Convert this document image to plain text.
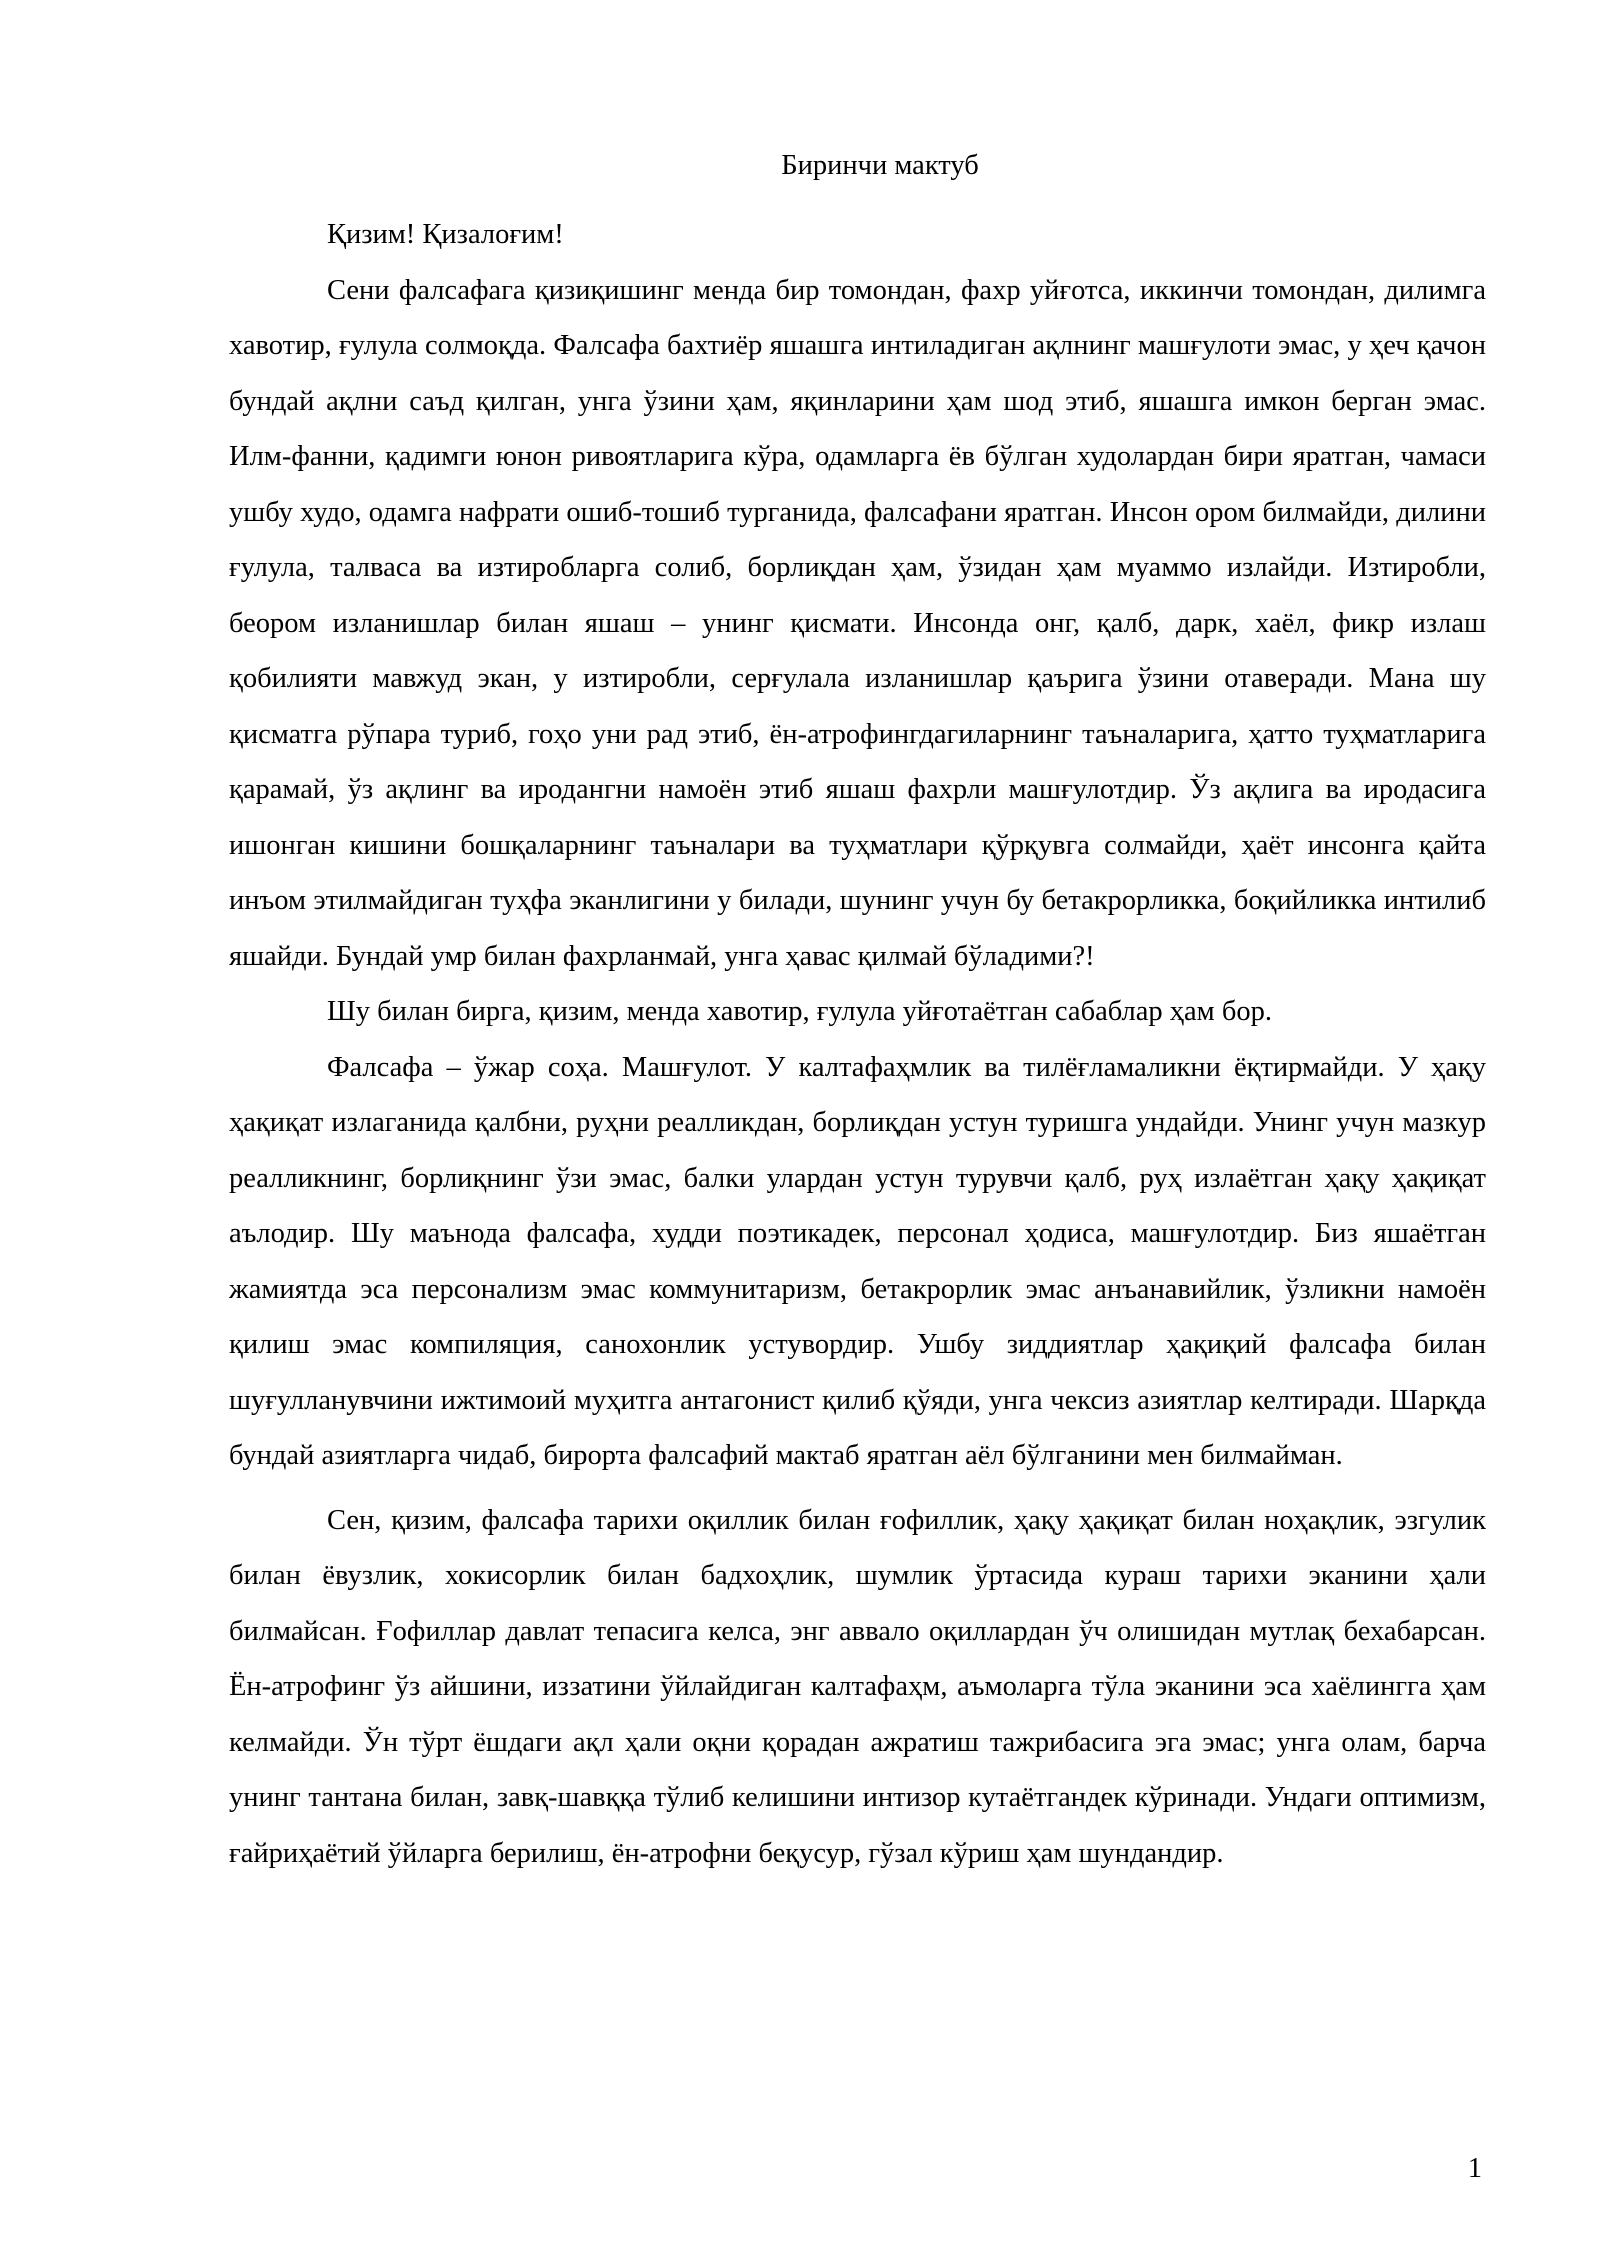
Биринчи мактуб

Қизим! Қизалоғим!

Сени фалсафага қизиқишинг менда бир томондан, фахр уйғотса, иккинчи томондан, дилимга хавотир, ғулула солмоқда. Фалсафа бахтиёр яшашга интиладиган ақлнинг машғулоти эмас, у ҳеч қачон бундай ақлни саъд қилган, унга ўзини ҳам, яқинларини ҳам шод этиб, яшашга имкон берган эмас. Илм-фанни, қадимги юнон ривоятларига кўра, одамларга ёв бўлган худолардан бири яратган, чамаси ушбу худо, одамга нафрати ошиб-тошиб турганида, фалсафани яратган. Инсон ором билмайди, дилини ғулула, талваса ва изтиробларга солиб, борлиқдан ҳам, ўзидан ҳам муаммо излайди. Изтиробли, беором изланишлар билан яшаш – унинг қисмати. Инсонда онг, қалб, дарк, хаёл, фикр излаш қобилияти мавжуд экан, у изтиробли, серғулала изланишлар қаърига ўзини отаверади. Мана шу қисматга рўпара туриб, гоҳо уни рад этиб, ён-атрофингдагиларнинг таъналарига, ҳатто туҳматларига қарамай, ўз ақлинг ва иродангни намоён этиб яшаш фахрли машғулотдир. Ўз ақлига ва иродасига ишонган кишини бошқаларнинг таъналари ва туҳматлари қўрқувга солмайди, ҳаёт инсонга қайта инъом этилмайдиган туҳфа эканлигини у билади, шунинг учун бу бетакрорликка, боқийликка интилиб яшайди. Бундай умр билан фахрланмай, унга ҳавас қилмай бўладими?!

Шу билан бирга, қизим, менда хавотир, ғулула уйғотаётган сабаблар ҳам бор.

Фалсафа – ўжар соҳа. Машғулот. У калтафаҳмлик ва тилёғламаликни ёқтирмайди. У ҳақу ҳақиқат излаганида қалбни, руҳни реалликдан, борлиқдан устун туришга ундайди. Унинг учун мазкур реалликнинг, борлиқнинг ўзи эмас, балки улардан устун турувчи қалб, руҳ излаётган ҳақу ҳақиқат аълодир. Шу маънода фалсафа, худди поэтикадек, персонал ҳодиса, машғулотдир. Биз яшаётган жамиятда эса персонализм эмас коммунитаризм, бетакрорлик эмас анъанавийлик, ўзликни намоён қилиш эмас компиляция, санохонлик устувордир. Ушбу зиддиятлар ҳақиқий фалсафа билан шуғулланувчини ижтимоий муҳитга антагонист қилиб қўяди, унга чексиз азиятлар келтиради. Шарқда бундай азиятларга чидаб, бирорта фалсафий мактаб яратган аёл бўлганини мен билмайман.

Сен, қизим, фалсафа тарихи оқиллик билан ғофиллик, ҳақу ҳақиқат билан ноҳақлик, эзгулик билан ёвузлик, хокисорлик билан бадхоҳлик, шумлик ўртасида кураш тарихи эканини ҳали билмайсан. Ғофиллар давлат тепасига келса, энг аввало оқиллардан ўч олишидан мутлақ бехабарсан. Ён-атрофинг ўз айшини, иззатини ўйлайдиган калтафаҳм, аъмоларга тўла эканини эса хаёлингга ҳам келмайди. Ўн тўрт ёшдаги ақл ҳали оқни қорадан ажратиш тажрибасига эга эмас; унга олам, барча унинг тантана билан, завқ-шавққа тўлиб келишини интизор кутаётгандек кўринади. Ундаги оптимизм, ғайриҳаётий ўйларга берилиш, ён-атрофни беқусур, гўзал кўриш ҳам шундандир.

1
